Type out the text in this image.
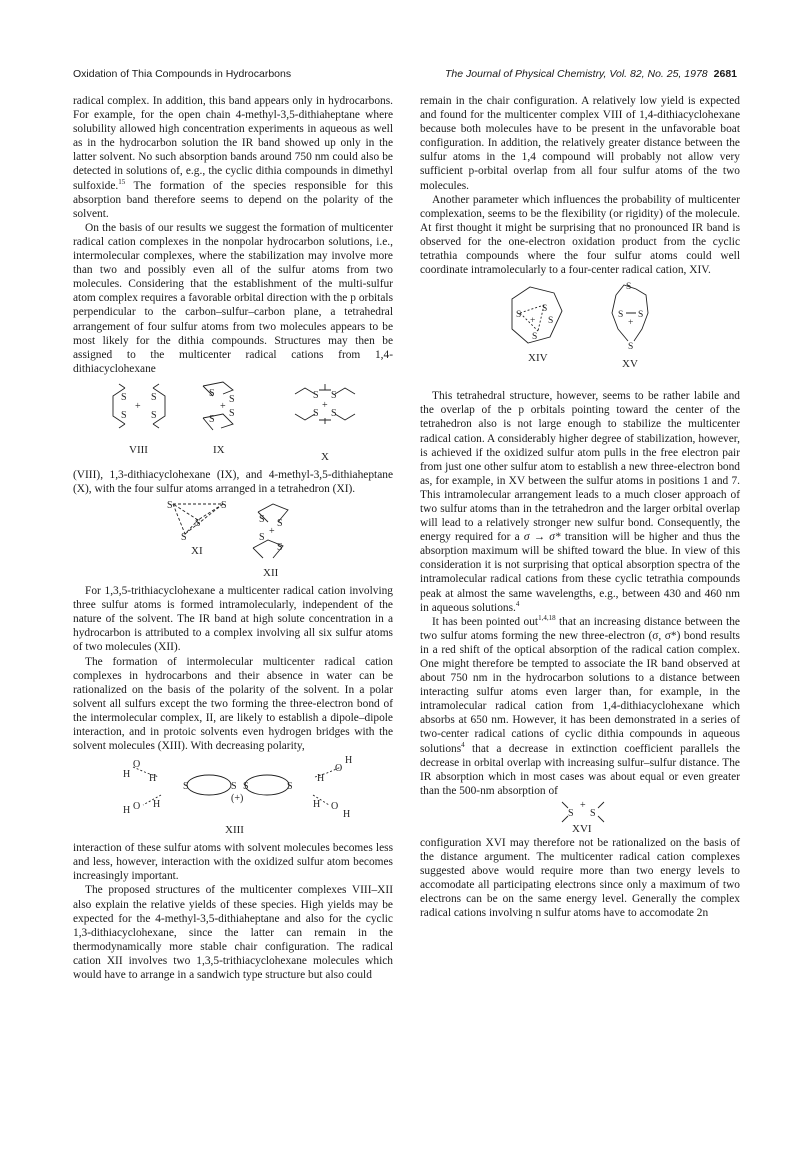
Oxidation of Thia Compounds in Hydrocarbons	The Journal of Physical Chemistry, Vol. 82, No. 25, 1978 2681

radical complex. In addition, this band appears only in hydrocarbons. For example, for the open chain 4-methyl-3,5-dithiaheptane where solubility allowed high concentration experiments in aqueous as well as in the hydrocarbon solution the IR band showed up only in the latter solvent. No such absorption bands around 750 nm could also be detected in solutions of, e.g., the cyclic dithia compounds in dimethyl sulfoxide.$^{15}$ The formation of the species responsible for this absorption band therefore seems to depend on the polarity of the solvent.

On the basis of our results we suggest the formation of multicenter radical cation complexes in the nonpolar hydrocarbon solutions, i.e., intermolecular complexes, where the stabilization may involve more than two and possibly even all of the sulfur atoms from two molecules. Considering that the establishment of the multi-sulfur atom complex requires a favorable orbital direction with the p orbitals perpendicular to the carbon–sulfur–carbon plane, a tetrahedral arrangement of four sulfur atoms from two molecules appears to be most likely for the dithia compounds. Structures may then be assigned to the multicenter radical cations from 1,4-dithiacyclohexane

S S
S S
+
S
S
S
S
+
S S
S S
+
VIII	IX
X

(VIII), 1,3-dithiacyclohexane (IX), and 4-methyl-3,5-dithiaheptane (X), with the four sulfur atoms arranged in a tetrahedron (XI).

S	S
S
S
S S
S
S
+
XI
XII

For 1,3,5-trithiacyclohexane a multicenter radical cation involving three sulfur atoms is formed intramolecularly, independent of the nature of the solvent. The IR band at high solute concentration in a hydrocarbon is attributed to a complex involving all six sulfur atoms of two molecules (XII).

The formation of intermolecular multicenter radical cation complexes in hydrocarbons and their absence in water can be rationalized on the basis of the polarity of the solvent. In a polar solvent all sulfurs except the two forming the three-electron bond of the intermolecular complex, II, are likely to establish a dipole–dipole interaction, and in protoic solvents even hydrogen bridges with the solvent molecules (XIII). With decreasing polarity,

H
O
H
S	S S	S
(+)
H O H
H
O
H
H O
H
XIII

interaction of these sulfur atoms with solvent molecules becomes less and less, however, interaction with the oxidized sulfur atom becomes increasingly important.

The proposed structures of the multicenter complexes VIII–XII also explain the relative yields of these species. High yields may be expected for the 4-methyl-3,5-dithiaheptane and also for the cyclic 1,3-dithiacyclohexane, since the latter can remain in the thermodynamically more stable chair configuration. The radical cation XII involves two 1,3,5-trithiacyclohexane molecules which would have to arrange in a sandwich type structure but also could

remain in the chair configuration. A relatively low yield is expected and found for the multicenter complex VIII of 1,4-dithiacyclohexane because both molecules have to be present in the unfavorable boat configuration. In addition, the relatively greater distance between the sulfur atoms in the 1,4 compound will probably not allow very sufficient p-orbital overlap from all four sulfur atoms of the two molecules.

Another parameter which influences the probability of multicenter complexation, seems to be the flexibility (or rigidity) of the molecule. At first thought it might be surprising that no pronounced IR band is observed for the one-electron oxidation product from the cyclic tetrathia compounds where the four sulfur atoms could well coordinate intramolecularly to a four-center radical cation, XIV.

S
S
S
S
+
S
S S
+
S
XIV	XV

This tetrahedral structure, however, seems to be rather labile and the overlap of the p orbitals pointing toward the center of the tetrahedron also is not large enough to stabilize the multicenter radical cation. A considerably higher degree of stabilization, however, is achieved if the oxidized sulfur atom pulls in the free electron pair from just one other sulfur atom to establish a new three-electron bond as, for example, in XV between the sulfur atoms in positions 1 and 7. This intramolecular arrangement leads to a much closer approach of two sulfur atoms than in the tetrahedron and the larger orbital overlap will lead to a relatively stronger new sulfur bond. Consequently, the energy required for a σ → σ* transition will be higher and thus the absorption maximum will be shifted toward the blue. In view of this consideration it is not surprising that optical absorption spectra of the intramolecular radical cations from these cyclic tetrathia compounds peak at almost the same wavelengths, e.g., between 430 and 460 nm in aqueous solutions.$^4$

It has been pointed out$^{1,4,18}$ that an increasing distance between the two sulfur atoms forming the new three-electron (σ, σ*) bond results in a red shift of the optical absorption of the radical cation complex. One might therefore be tempted to associate the IR band observed at about 750 nm in the hydrocarbon solutions to a distance between interacting sulfur atoms even larger than, for example, in the intramolecular radical cation from 1,4-dithiacyclohexane which absorbs at 650 nm. However, it has been demonstrated in a series of two-center radical cations of cyclic dithia compounds in aqueous solutions$^4$ that a decrease in extinction coefficient parallels the decrease in orbital overlap with increasing sulfur–sulfur distance. The IR absorption which in most cases was about equal or even greater than the 500-nm absorption of

S S
+
XVI

configuration XVI may therefore not be rationalized on the basis of the distance argument. The multicenter radical cation complexes suggested above would require more than two energy levels to accomodate all participating electrons since only a maximum of two electrons can be on the same energy level. Generally the complex radical cations involving n sulfur atoms have to accomodate 2n
